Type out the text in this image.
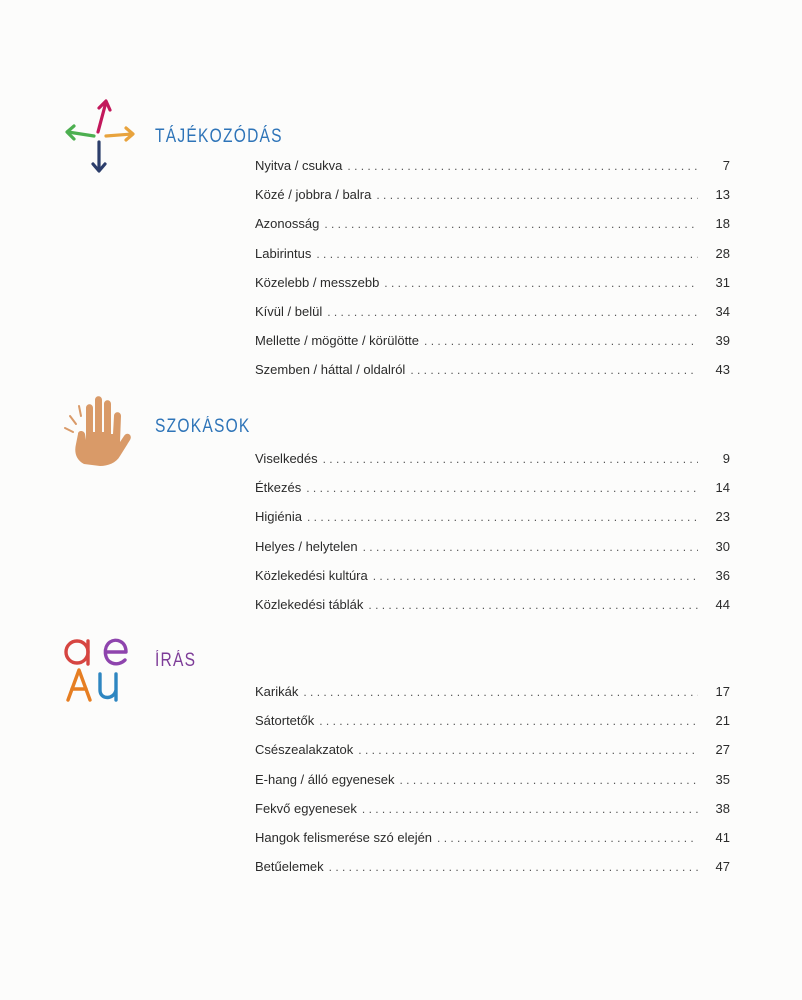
TÁJÉKOZÓDÁS
Nyitva / csukva . . .	7
Közé / jobbra / balra . . .	13
Azonosság . . .	18
Labirintus . . .	28
Közelebb / messzebb . . .	31
Kívül / belül . . .	34
Mellette / mögötte / körülötte . . .	39
Szemben / háttal / oldalról . . .	43
SZOKÁSOK
Viselkedés . . .	9
Étkezés . . .	14
Higiénia . . .	23
Helyes / helytelen . . .	30
Közlekedési kultúra . . .	36
Közlekedési táblák . . .	44
ÍRÁS
Karikák . . .	17
Sátortetők . . .	21
Csészealakzatok . . .	27
E-hang / álló egyenesek . . .	35
Fekvő egyenesek . . .	38
Hangok felismerése szó elején . . .	41
Betűelemek . . .	47
